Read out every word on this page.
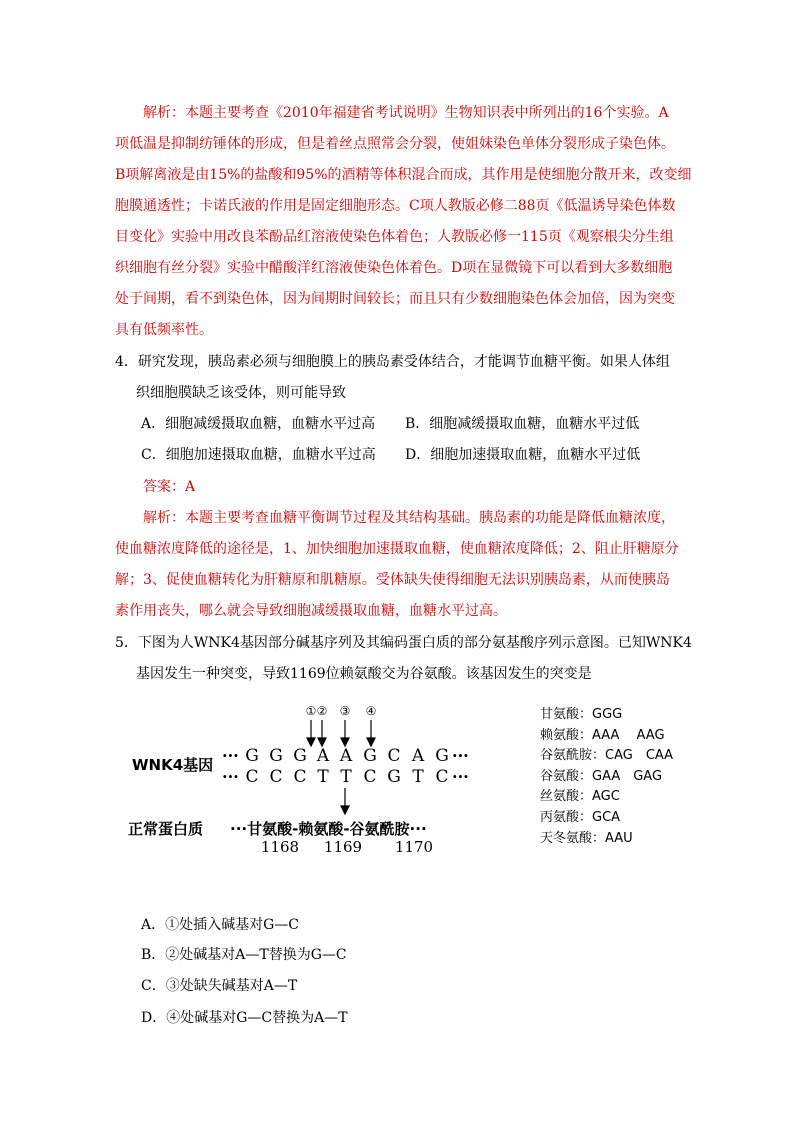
解析：本题主要考查《2010年福建省考试说明》生物知识表中所列出的16个实验。A
项低温是抑制纺锤体的形成，但是着丝点照常会分裂，使姐妹染色单体分裂形成子染色体。
B项解离液是由15%的盐酸和95%的酒精等体积混合而成，其作用是使细胞分散开来，改变细
胞膜通透性；卡诺氏液的作用是固定细胞形态。C项人教版必修二88页《低温诱导染色体数
目变化》实验中用改良苯酚品红溶液使染色体着色；人教版必修一115页《观察根尖分生组
织细胞有丝分裂》实验中醋酸洋红溶液使染色体着色。D项在显微镜下可以看到大多数细胞
处于间期，看不到染色体，因为间期时间较长；而且只有少数细胞染色体会加倍，因为突变
具有低频率性。
4．研究发现，胰岛素必须与细胞膜上的胰岛素受体结合，才能调节血糖平衡。如果人体组
织细胞膜缺乏该受体，则可能导致
A．细胞减缓摄取血糖，血糖水平过高 B．细胞减缓摄取血糖，血糖水平过低
C．细胞加速摄取血糖，血糖水平过高 D．细胞加速摄取血糖，血糖水平过低
答案：A
解析：本题主要考查血糖平衡调节过程及其结构基础。胰岛素的功能是降低血糖浓度，
使血糖浓度降低的途径是，1、加快细胞加速摄取血糖，使血糖浓度降低；2、阻止肝糖原分
解；3、促使血糖转化为肝糖原和肌糖原。受体缺失使得细胞无法识别胰岛素，从而使胰岛
素作用丧失，哪么就会导致细胞减缓摄取血糖，血糖水平过高。
5．下图为人WNK4基因部分碱基序列及其编码蛋白质的部分氨基酸序列示意图。已知WNK4
基因发生一种突变，导致1169位赖氨酸交为谷氨酸。该基因发生的突变是
① ② ③ ④
WNK4基因 ··· G G G A A G C A G ···
··· C C C T T C G T C ···
正常蛋白质 ···甘氨酸-赖氨酸-谷氨酰胺···
1168 1169 1170
甘氨酸：GGG
赖氨酸：AAA　 AAG
谷氨酰胺：CAG　CAA
谷氨酸：GAA　GAG
丝氨酸：AGC
丙氨酸：GCA
天冬氨酸：AAU
A．①处插入碱基对G—C
B．②处碱基对A—T替换为G—C
C．③处缺失碱基对A—T
D．④处碱基对G—C替换为A—T
